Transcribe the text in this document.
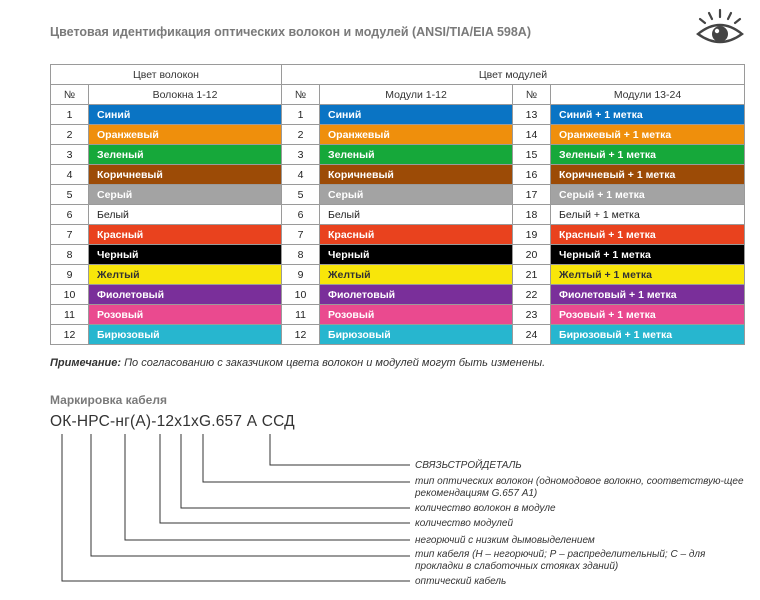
Цветовая идентификация оптических волокон и модулей (ANSI/TIA/EIA 598A)
Цвет волокон		Цвет модулей			
№	Волокна 1-12	№	Модули 1-12	№	Модули 13-24
1	Синий	1	Синий	13	Синий + 1 метка
2	Оранжевый	2	Оранжевый	14	Оранжевый + 1 метка
3	Зеленый	3	Зеленый	15	Зеленый + 1 метка
4	Коричневый	4	Коричневый	16	Коричневый + 1 метка
5	Серый	5	Серый	17	Серый + 1 метка
6	Белый	6	Белый	18	Белый + 1 метка
7	Красный	7	Красный	19	Красный + 1 метка
8	Черный	8	Черный	20	Черный + 1 метка
9	Желтый	9	Желтый	21	Желтый + 1 метка
10	Фиолетовый	10	Фиолетовый	22	Фиолетовый + 1 метка
11	Розовый	11	Розовый	23	Розовый + 1 метка
12	Бирюзовый	12	Бирюзовый	24	Бирюзовый + 1 метка
Примечание: По согласованию с заказчиком цвета волокон и модулей могут быть изменены.
Маркировка кабеля
ОК-НРС-нг(А)-12х1хG.657 А ССД
СВЯЗЬСТРОЙДЕТАЛЬ
тип оптических волокон (одномодовое волокно, соответствую-щее рекомендациям G.657 А1)
количество волокон в модуле
количество модулей
негорючий с низким дымовыделением
тип кабеля (Н – негорючий; Р – распределительный; С – для прокладки в слаботочных стояках зданий)
оптический кабель
